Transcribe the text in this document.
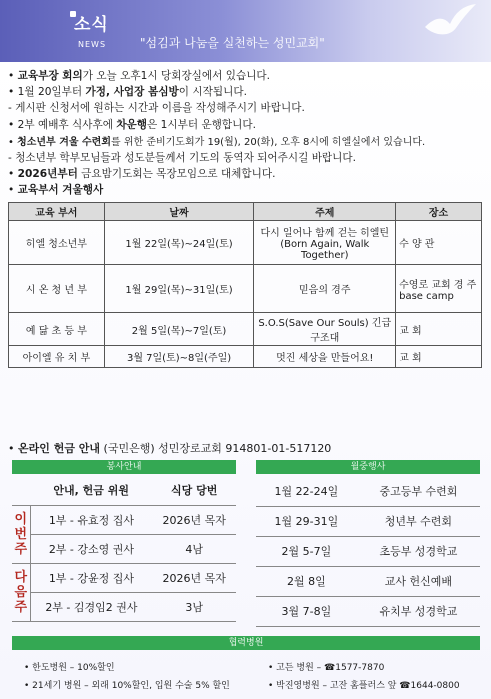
소식
NEWS	"섬김과 나눔을 실천하는 성민교회"
• 교육부장 회의가 오늘 오후1시 당회장실에서 있습니다.
• 1월 20일부터 가정, 사업장 봄심방이 시작됩니다.
- 게시판 신청서에 원하는 시간과 이름을 작성해주시기 바랍니다.
• 2부 예배후 식사후에 차운행은 1시부터 운행합니다.
• 청소년부 겨울 수련회를 위한 준비기도회가 19(월), 20(화), 오후 8시에 히엘실에서 있습니다.
- 청소년부 학부모님들과 성도분들께서 기도의 동역자 되어주시길 바랍니다.
• 2026년부터 금요밤기도회는 목장모임으로 대체합니다.
• 교육부서 겨울행사
교육 부서	날짜	주제	장소
히엘 청소년부	1월 22일(목)~24일(토)	다시 일어나 함께 걷는 히엘틴(Born Again, Walk Together)	수 양 관
시 온 청 년 부	1월 29일(목)~31일(토)	믿음의 경주	수영로 교회 경 주 base camp
예 닮 초 등 부	2월 5일(목)~7일(토)	S.O.S(Save Our Souls) 긴급구조대	교 회
아이엘 유 치 부	3월 7일(토)~8일(주일)	멋진 세상을 만들어요!	교 회
• 온라인 헌금 안내 (국민은행) 성민장로교회 914801-01-517120
봉사안내
	안내, 헌금 위원	식당 당번
이번주	1부 - 유효정 집사	2026년 목자
	2부 - 강소영 권사	4남
다음주	1부 - 강윤정 집사	2026년 목자
	2부 - 김경임2 권사	3남
월중행사
1월 22-24일	중고등부 수련회
1월 29-31일	청년부 수련회
2월 5-7일	초등부 성경학교
2월 8일	교사 헌신예배
3월 7-8일	유치부 성경학교
협력병원
• 한도병원 – 10%할인	• 고든 병원 – ☎1577-7870
• 21세기 병원 – 외래 10%할인, 입원 수술 5% 할인	• 박진영병원 – 고잔 홈플러스 앞 ☎1644-0800
